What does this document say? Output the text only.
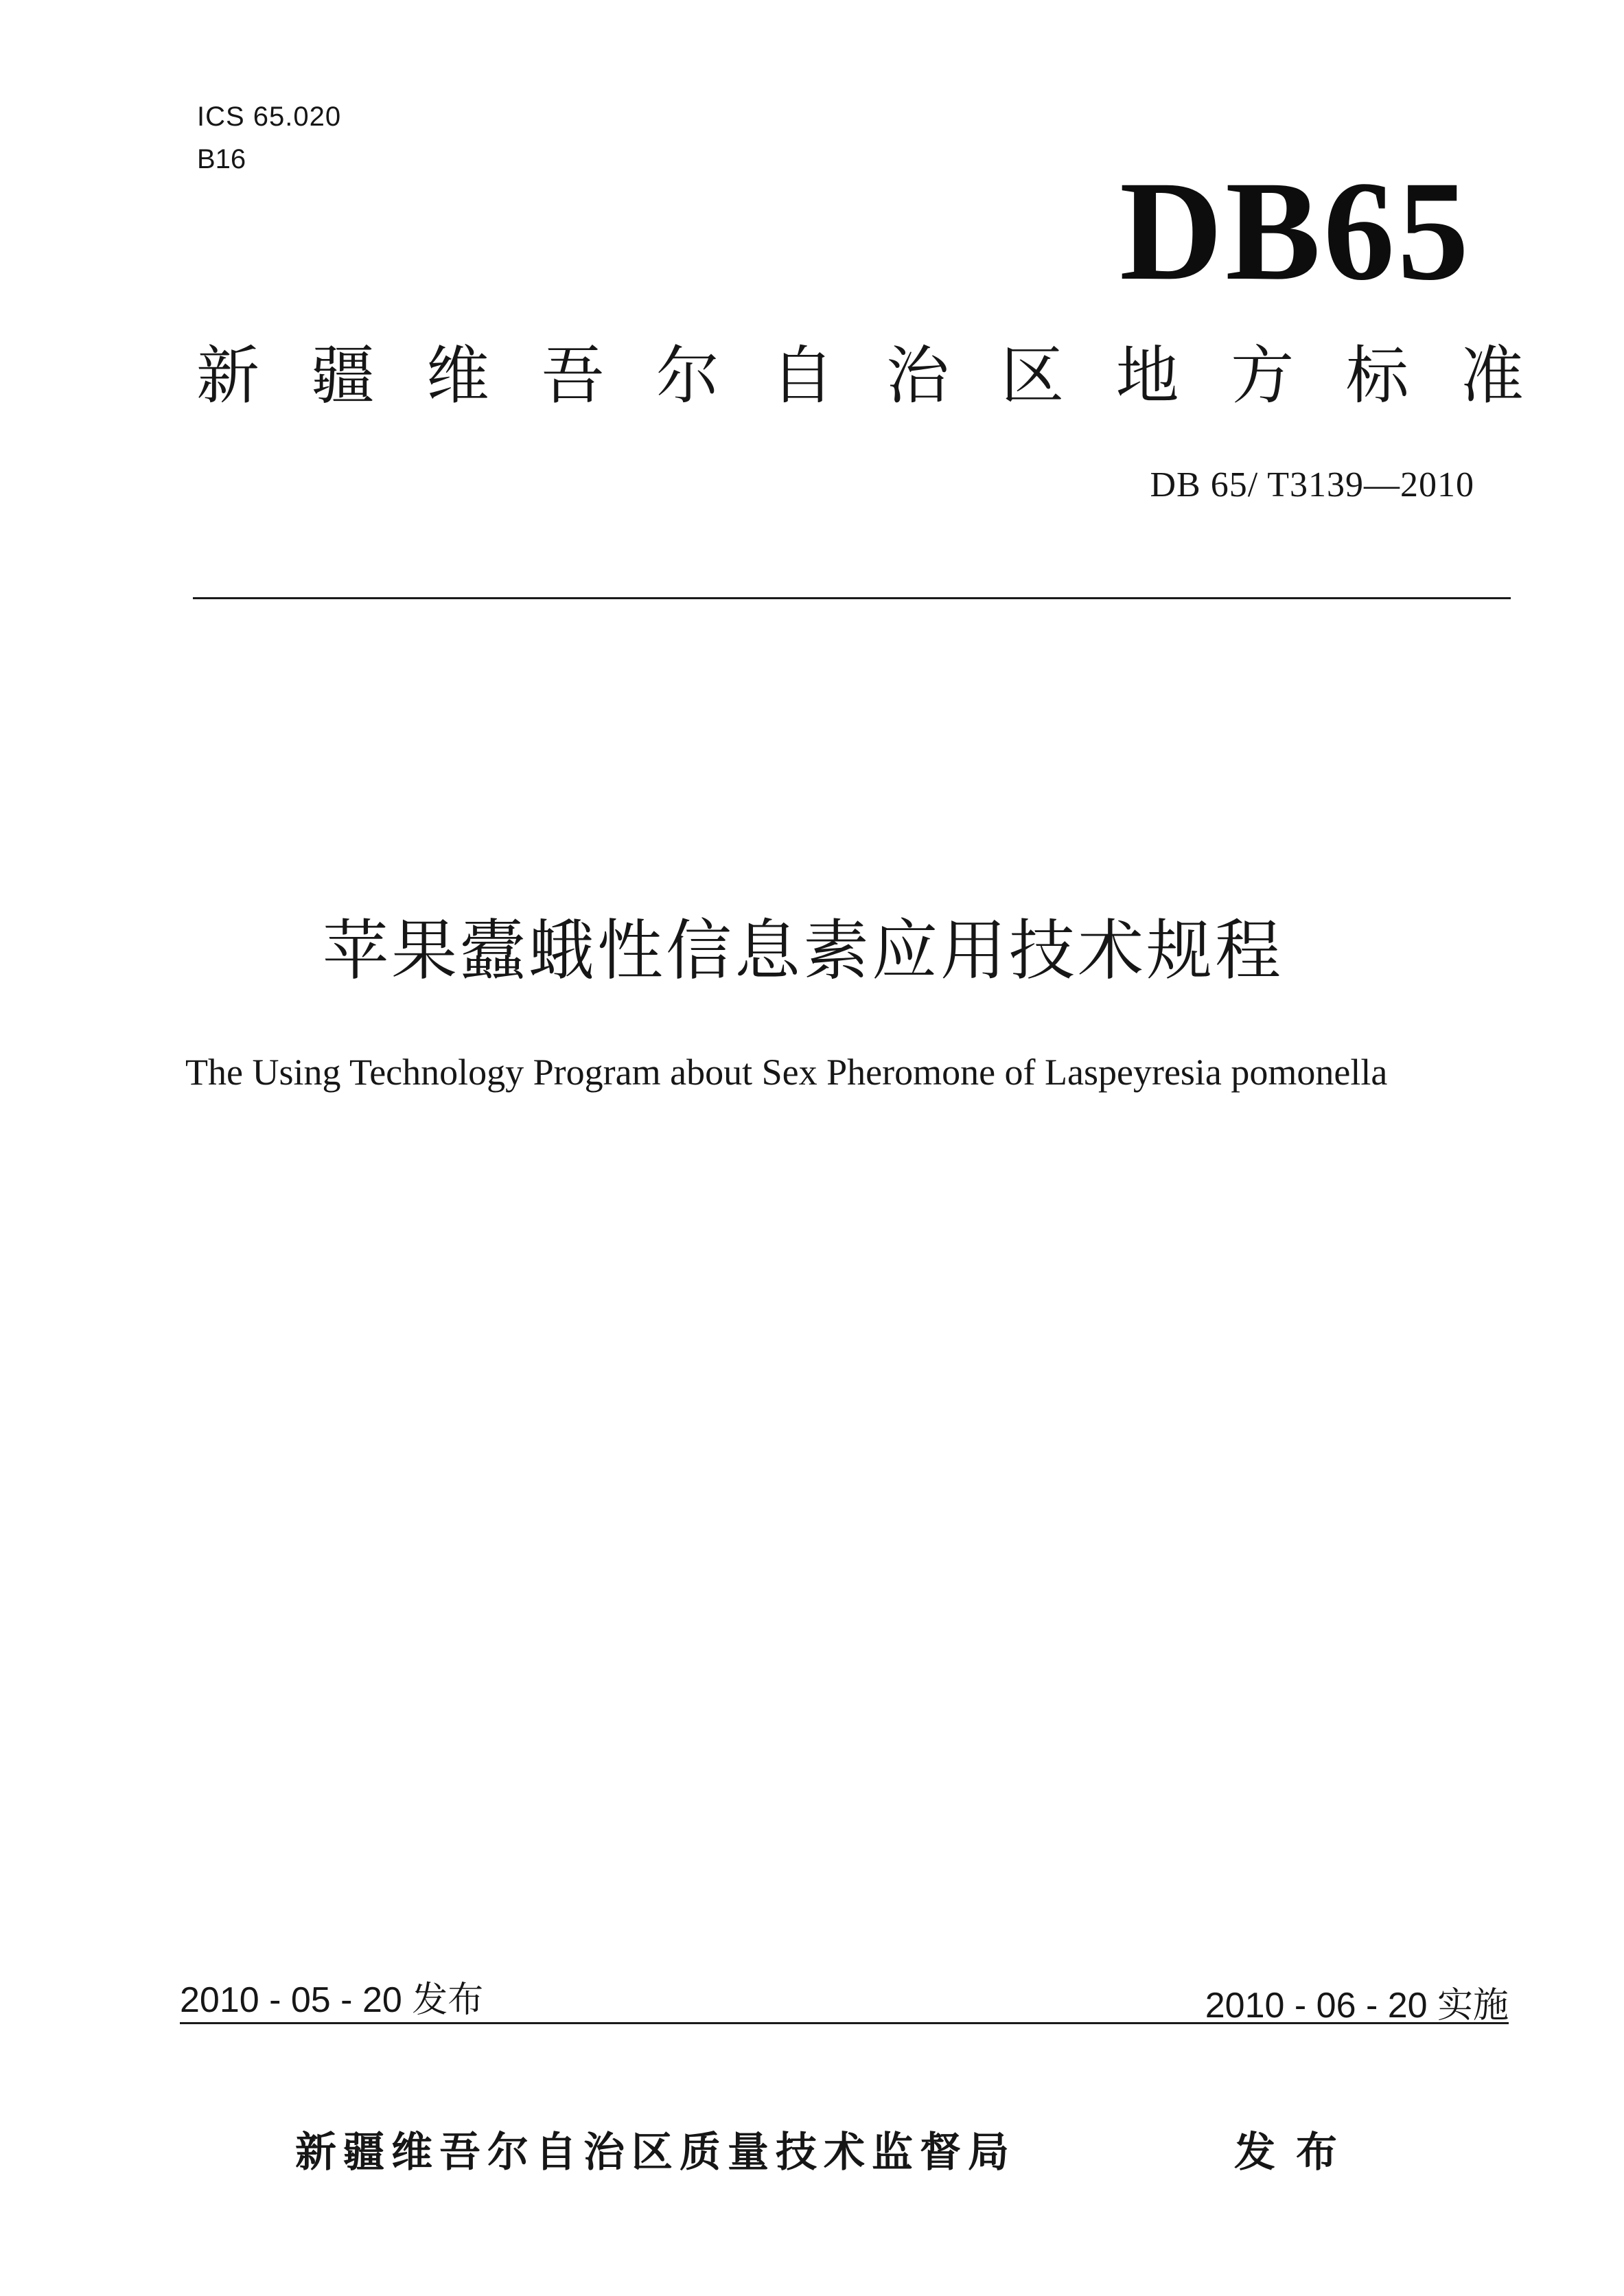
ICS 65.020
B16	DB65
新 疆 维 吾 尔 自 治 区 地 方 标 准
DB 65/ T3139—2010
苹果蠹蛾性信息素应用技术规程
The Using Technology Program about Sex Pheromone of Laspeyresia pomonella
2010 - 05 - 20 发布	2010 - 06 - 20 实施
新疆维吾尔自治区质量技术监督局	发布
